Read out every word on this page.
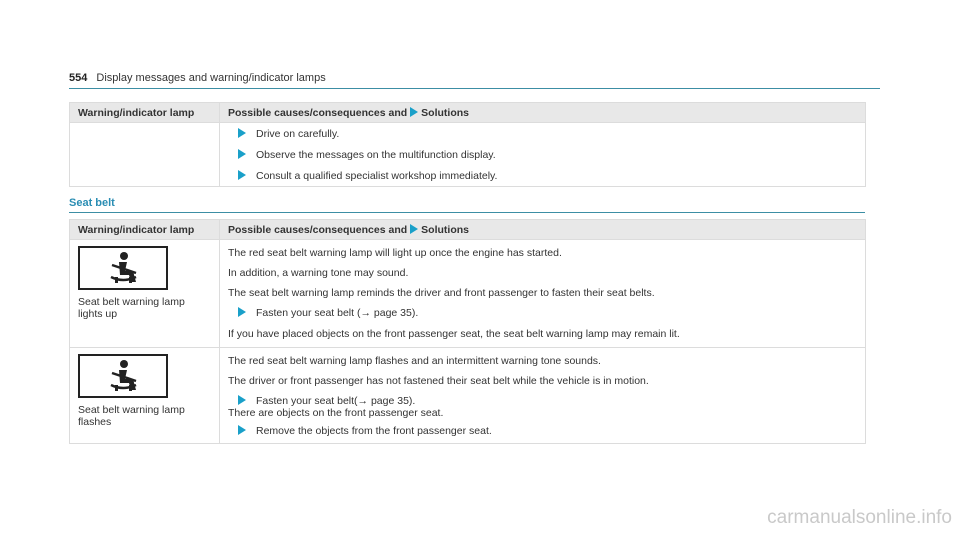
554 Display messages and warning/indicator lamps
Warning/indicator lamp	Possible causes/consequences and Solutions

	Drive on carefully.
Observe the messages on the multifunction display.
Consult a qualified specialist workshop immediately.
Seat belt
Warning/indicator lamp	Possible causes/consequences and Solutions

Seat belt warning lamp lights up	The red seat belt warning lamp will light up once the engine has started.
In addition, a warning tone may sound.
The seat belt warning lamp reminds the driver and front passenger to fasten their seat belts.
Fasten your seat belt (→ page 35).
If you have placed objects on the front passenger seat, the seat belt warning lamp may remain lit.

Seat belt warning lamp flashes	The red seat belt warning lamp flashes and an intermittent warning tone sounds.
The driver or front passenger has not fastened their seat belt while the vehicle is in motion.
Fasten your seat belt(→ page 35).
There are objects on the front passenger seat.
Remove the objects from the front passenger seat.
carmanualsonline.info
